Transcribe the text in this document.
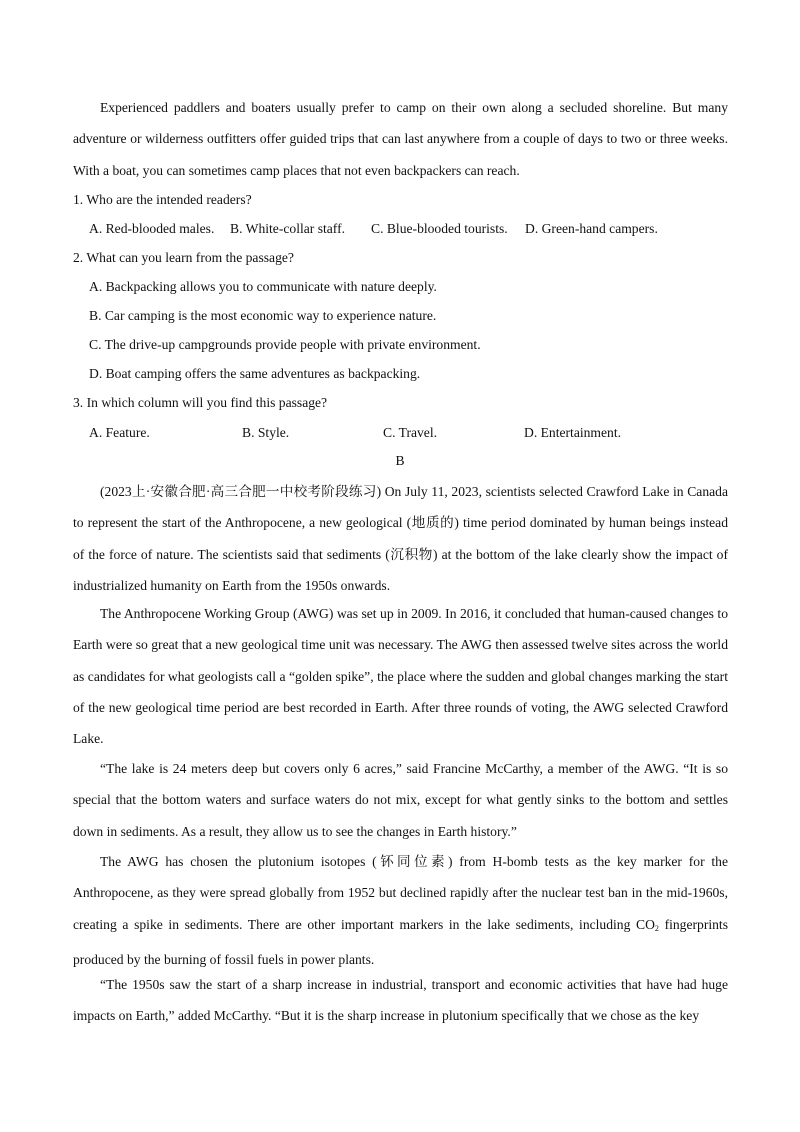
Experienced paddlers and boaters usually prefer to camp on their own along a secluded shoreline. But many adventure or wilderness outfitters offer guided trips that can last anywhere from a couple of days to two or three weeks. With a boat, you can sometimes camp places that not even backpackers can reach.

1. Who are the intended readers?

A. Red-blooded males. B. White-collar staff. C. Blue-blooded tourists. D. Green-hand campers.

2. What can you learn from the passage?

A. Backpacking allows you to communicate with nature deeply.
B. Car camping is the most economic way to experience nature.
C. The drive-up campgrounds provide people with private environment.
D. Boat camping offers the same adventures as backpacking.

3. In which column will you find this passage?

A. Feature.	B. Style.	C. Travel.	D. Entertainment.
B

(2023上·安徽合肥·高三合肥一中校考阶段练习) On July 11, 2023, scientists selected Crawford Lake in Canada to represent the start of the Anthropocene, a new geological (地质的) time period dominated by human beings instead of the force of nature. The scientists said that sediments (沉积物) at the bottom of the lake clearly show the impact of industrialized humanity on Earth from the 1950s onwards.

The Anthropocene Working Group (AWG) was set up in 2009. In 2016, it concluded that human-caused changes to Earth were so great that a new geological time unit was necessary. The AWG then assessed twelve sites across the world as candidates for what geologists call a “golden spike”, the place where the sudden and global changes marking the start of the new geological time period are best recorded in Earth. After three rounds of voting, the AWG selected Crawford Lake.

“The lake is 24 meters deep but covers only 6 acres,” said Francine McCarthy, a member of the AWG. “It is so special that the bottom waters and surface waters do not mix, except for what gently sinks to the bottom and settles down in sediments. As a result, they allow us to see the changes in Earth history.”

The AWG has chosen the plutonium isotopes (钚同位素) from H-bomb tests as the key marker for the Anthropocene, as they were spread globally from 1952 but declined rapidly after the nuclear test ban in the mid-1960s, creating a spike in sediments. There are other important markers in the lake sediments, including $CO_2$ fingerprints produced by the burning of fossil fuels in power plants.

“The 1950s saw the start of a sharp increase in industrial, transport and economic activities that have had huge impacts on Earth,” added McCarthy. “But it is the sharp increase in plutonium specifically that we chose as the key
